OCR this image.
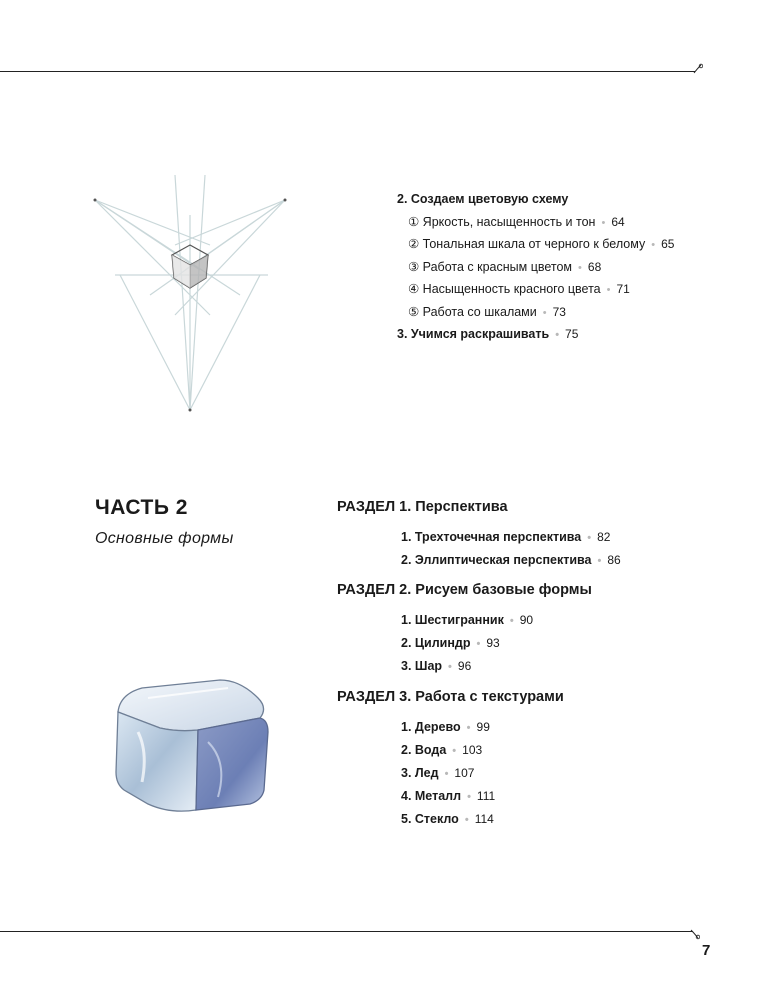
2. Создаем цветовую схему
① Яркость, насыщенность и тон • 64
② Тональная шкала от черного к белому • 65
③ Работа с красным цветом • 68
④ Насыщенность красного цвета • 71
⑤ Работа со шкалами • 73
3. Учимся раскрашивать • 75
ЧАСТЬ 2
Основные формы
РАЗДЕЛ 1. Перспектива
1. Трехточечная перспектива • 82
2. Эллиптическая перспектива • 86
РАЗДЕЛ 2. Рисуем базовые формы
1. Шестигранник • 90
2. Цилиндр • 93
3. Шар • 96
РАЗДЕЛ 3. Работа с текстурами
1. Дерево • 99
2. Вода • 103
3. Лед • 107
4. Металл • 111
5. Стекло • 114
7
